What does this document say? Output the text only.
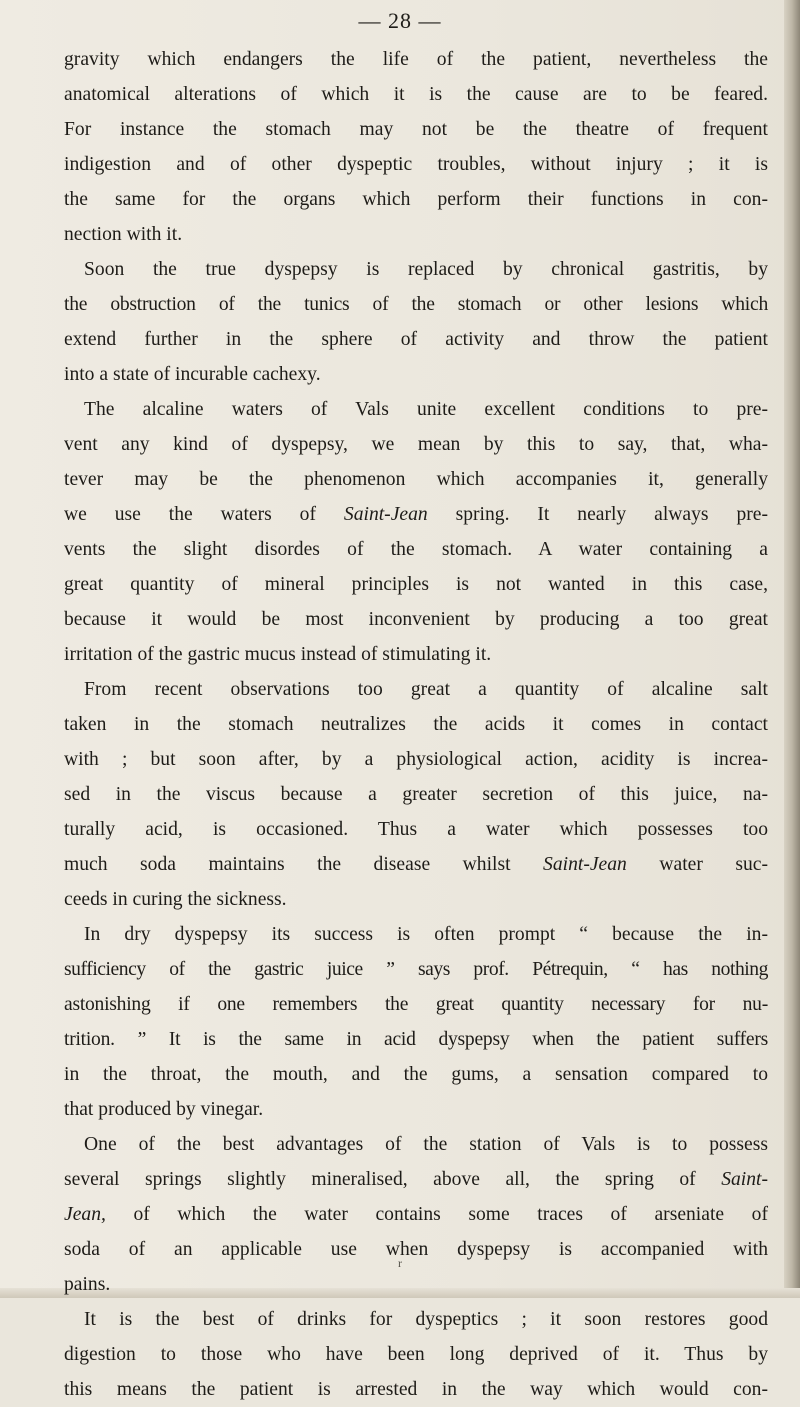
— 28 —
gravity which endangers the life of the patient, nevertheless the
anatomical alterations of which it is the cause are to be feared.
For instance the stomach may not be the theatre of frequent
indigestion and of other dyspeptic troubles, without injury ; it is
the same for the organs which perform their functions in con-
nection with it.
Soon the true dyspepsy is replaced by chronical gastritis, by
the obstruction of the tunics of the stomach or other lesions which
extend further in the sphere of activity and throw the patient
into a state of incurable cachexy.
The alcaline waters of Vals unite excellent conditions to pre-
vent any kind of dyspepsy, we mean by this to say, that, wha-
tever may be the phenomenon which accompanies it, generally
we use the waters of Saint-Jean spring. It nearly always pre-
vents the slight disordes of the stomach. A water containing a
great quantity of mineral principles is not wanted in this case,
because it would be most inconvenient by producing a too great
irritation of the gastric mucus instead of stimulating it.
From recent observations too great a quantity of alcaline salt
taken in the stomach neutralizes the acids it comes in contact
with ; but soon after, by a physiological action, acidity is increa-
sed in the viscus because a greater secretion of this juice, na-
turally acid, is occasioned. Thus a water which possesses too
much soda maintains the disease whilst Saint-Jean water suc-
ceeds in curing the sickness.
In dry dyspepsy its success is often prompt “ because the in-
sufficiency of the gastric juice ” says prof. Pétrequin, “ has nothing
astonishing if one remembers the great quantity necessary for nu-
trition. ” It is the same in acid dyspepsy when the patient suffers
in the throat, the mouth, and the gums, a sensation compared to
that produced by vinegar.
One of the best advantages of the station of Vals is to possess
several springs slightly mineralised, above all, the spring of Saint-
Jean, of which the water contains some traces of arseniate of
soda of an applicable use when dyspepsy is accompanied with
pains.
It is the best of drinks for dyspeptics ; it soon restores good
digestion to those who have been long deprived of it. Thus by
this means the patient is arrested in the way which would con-
r
